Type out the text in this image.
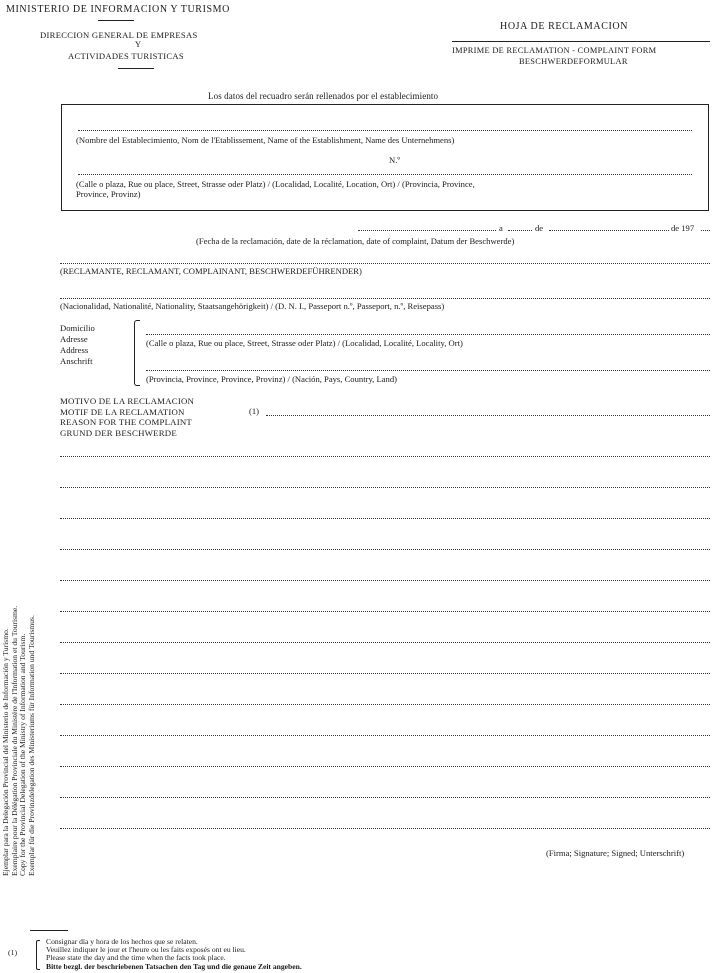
MINISTERIO DE INFORMACION Y TURISMO
DIRECCION GENERAL DE EMPRESAS
Y
ACTIVIDADES TURISTICAS
HOJA DE RECLAMACION
IMPRIME DE RECLAMATION - COMPLAINT FORM
BESCHWERDEFORMULAR
Los datos del recuadro serán rellenados por el establecimiento
(Nombre del Establecimiento, Nom de l'Etablissement, Name of the Establishment, Name des Unternehmens)
N.º
(Calle o plaza, Rue ou place, Street, Strasse oder Platz) / (Localidad, Localité, Location, Ort) / (Provincia, Province,
Province, Provinz)
a	de	de 197
(Fecha de la reclamación, date de la réclamation, date of complaint, Datum der Beschwerde)
(RECLAMANTE, RECLAMANT, COMPLAINANT, BESCHWERDEFÜHRENDER)
(Nacionalidad, Nationalité, Nationality, Staatsangehörigkeit) / (D. N. I., Passeport n.º, Passeport, n.º, Reisepass)
Domicilio
Adresse
Address
Anschrift
(Calle o plaza, Rue ou place, Street, Strasse oder Platz) / (Localidad, Localité, Locality, Ort)
(Provincia, Province, Province, Provinz) / (Nación, Pays, Country, Land)
MOTIVO DE LA RECLAMACION
MOTIF DE LA RECLAMATION
REASON FOR THE COMPLAINT
GRUND DER BESCHWERDE
(1)
(Firma; Signature; Signed; Unterschrift)
Ejemplar para la Delegación Provincial del Ministerio de Información y Turismo. Exemplaire pour la Délégation Provinciale du Ministère de l'Information et du Tourisme. Copy for the Provincial Delegation of the Ministry of Information and Tourism. Exemplar für die Provinzdelegation des Ministeriums für Information und Tourismus.
(1)
Consignar día y hora de los hechos que se relaten.
Veuillez indiquer le jour et l'heure ou les faits exposés ont eu lieu.
Please state the day and the time when the facts took place.
Bitte bezgl. der beschriebenen Tatsachen den Tag und die genaue Zeit angeben.
